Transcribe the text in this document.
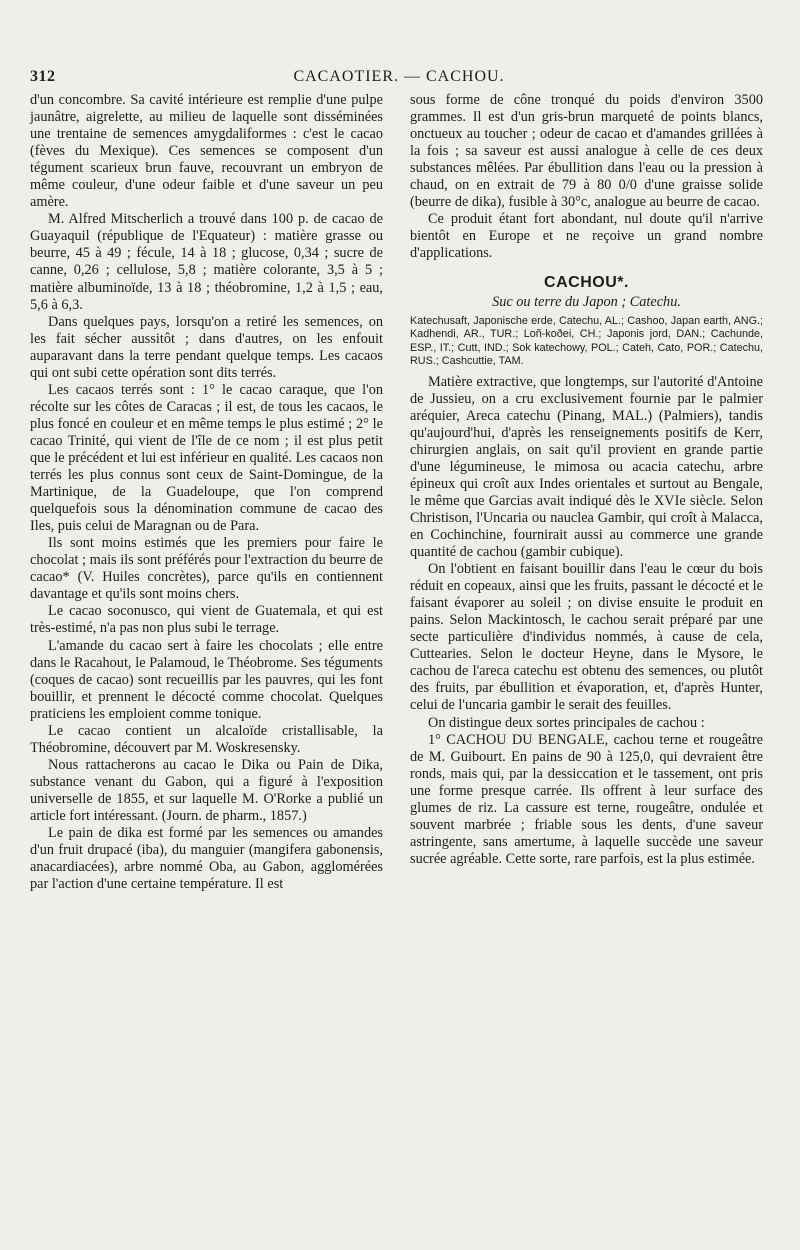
312	CACAOTIER. — CACHOU.

d'un concombre. Sa cavité intérieure est remplie d'une pulpe jaunâtre, aigrelette, au milieu de laquelle sont disséminées une trentaine de semences amygdaliformes : c'est le cacao (fèves du Mexique). Ces semences se composent d'un tégument scarieux brun fauve, recouvrant un embryon de même couleur, d'une odeur faible et d'une saveur un peu amère.

M. Alfred Mitscherlich a trouvé dans 100 p. de cacao de Guayaquil (république de l'Equateur) : matière grasse ou beurre, 45 à 49 ; fécule, 14 à 18 ; glucose, 0,34 ; sucre de canne, 0,26 ; cellulose, 5,8 ; matière colorante, 3,5 à 5 ; matière albuminoïde, 13 à 18 ; théobromine, 1,2 à 1,5 ; eau, 5,6 à 6,3.

Dans quelques pays, lorsqu'on a retiré les semences, on les fait sécher aussitôt ; dans d'autres, on les enfouit auparavant dans la terre pendant quelque temps. Les cacaos qui ont subi cette opération sont dits terrés.

Les cacaos terrés sont : 1° le cacao caraque, que l'on récolte sur les côtes de Caracas ; il est, de tous les cacaos, le plus foncé en couleur et en même temps le plus estimé ; 2° le cacao Trinité, qui vient de l'île de ce nom ; il est plus petit que le précédent et lui est inférieur en qualité. Les cacaos non terrés les plus connus sont ceux de Saint-Domingue, de la Martinique, de la Guadeloupe, que l'on comprend quelquefois sous la dénomination commune de cacao des Iles, puis celui de Maragnan ou de Para.

Ils sont moins estimés que les premiers pour faire le chocolat ; mais ils sont préférés pour l'extraction du beurre de cacao* (V. Huiles concrètes), parce qu'ils en contiennent davantage et qu'ils sont moins chers.

Le cacao soconusco, qui vient de Guatemala, et qui est très-estimé, n'a pas non plus subi le terrage.

L'amande du cacao sert à faire les chocolats ; elle entre dans le Racahout, le Palamoud, le Théobrome. Ses téguments (coques de cacao) sont recueillis par les pauvres, qui les font bouillir, et prennent le décocté comme chocolat. Quelques praticiens les emploient comme tonique.

Le cacao contient un alcaloïde cristallisable, la Théobromine, découvert par M. Woskresensky.

Nous rattacherons au cacao le Dika ou Pain de Dika, substance venant du Gabon, qui a figuré à l'exposition universelle de 1855, et sur laquelle M. O'Rorke a publié un article fort intéressant. (Journ. de pharm., 1857.)

Le pain de dika est formé par les semences ou amandes d'un fruit drupacé (iba), du manguier (mangifera gabonensis, anacardiacées), arbre nommé Oba, au Gabon, agglomérées par l'action d'une certaine température. Il est

sous forme de cône tronqué du poids d'environ 3500 grammes. Il est d'un gris-brun marqueté de points blancs, onctueux au toucher ; odeur de cacao et d'amandes grillées à la fois ; sa saveur est aussi analogue à celle de ces deux substances mêlées. Par ébullition dans l'eau ou la pression à chaud, on en extrait de 79 à 80 0/0 d'une graisse solide (beurre de dika), fusible à 30°c, analogue au beurre de cacao.

Ce produit étant fort abondant, nul doute qu'il n'arrive bientôt en Europe et ne reçoive un grand nombre d'applications.

CACHOU*.
Suc ou terre du Japon ; Catechu.
Katechusaft, Japonische erde, Catechu, AL.; Cashoo, Japan earth, ANG.; Kadhendi, AR., TUR.; Loñ-koðei, CH.; Japonis jord, DAN.; Cachunde, ESP., IT.; Cutt, IND.; Sok katechowy, POL.; Cateh, Cato, POR.; Catechu, RUS.; Cashcuttie, TAM.

Matière extractive, que longtemps, sur l'autorité d'Antoine de Jussieu, on a cru exclusivement fournie par le palmier aréquier, Areca catechu (Pinang, MAL.) (Palmiers), tandis qu'aujourd'hui, d'après les renseignements positifs de Kerr, chirurgien anglais, on sait qu'il provient en grande partie d'une légumineuse, le mimosa ou acacia catechu, arbre épineux qui croît aux Indes orientales et surtout au Bengale, le même que Garcias avait indiqué dès le XVIe siècle. Selon Christison, l'Uncaria ou nauclea Gambir, qui croît à Malacca, en Cochinchine, fournirait aussi au commerce une grande quantité de cachou (gambir cubique).

On l'obtient en faisant bouillir dans l'eau le cœur du bois réduit en copeaux, ainsi que les fruits, passant le décocté et le faisant évaporer au soleil ; on divise ensuite le produit en pains. Selon Mackintosch, le cachou serait préparé par une secte particulière d'individus nommés, à cause de cela, Cuttearies. Selon le docteur Heyne, dans le Mysore, le cachou de l'areca catechu est obtenu des semences, ou plutôt des fruits, par ébullition et évaporation, et, d'après Hunter, celui de l'uncaria gambir le serait des feuilles.

On distingue deux sortes principales de cachou :

1° CACHOU DU BENGALE, cachou terne et rougeâtre de M. Guibourt. En pains de 90 à 125,0, qui devraient être ronds, mais qui, par la dessiccation et le tassement, ont pris une forme presque carrée. Ils offrent à leur surface des glumes de riz. La cassure est terne, rougeâtre, ondulée et souvent marbrée ; friable sous les dents, d'une saveur astringente, sans amertume, à laquelle succède une saveur sucrée agréable. Cette sorte, rare parfois, est la plus estimée.
